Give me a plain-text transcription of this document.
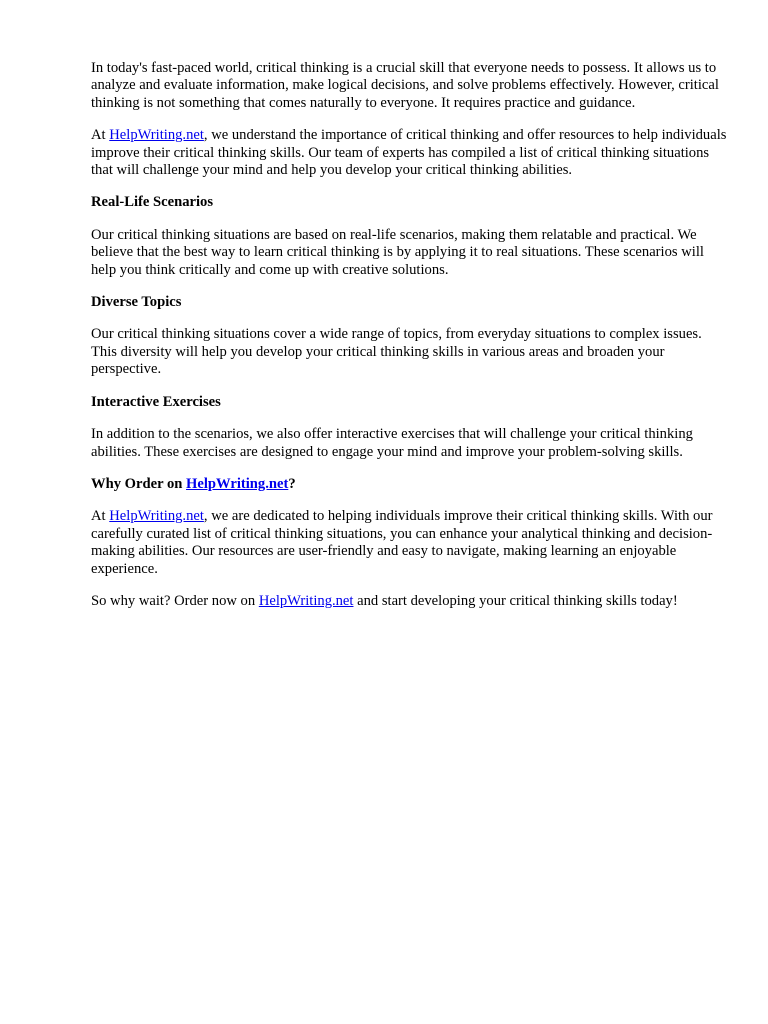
In today's fast-paced world, critical thinking is a crucial skill that everyone needs to possess. It allows us to analyze and evaluate information, make logical decisions, and solve problems effectively. However, critical thinking is not something that comes naturally to everyone. It requires practice and guidance.

At HelpWriting.net, we understand the importance of critical thinking and offer resources to help individuals improve their critical thinking skills. Our team of experts has compiled a list of critical thinking situations that will challenge your mind and help you develop your critical thinking abilities.

Real-Life Scenarios

Our critical thinking situations are based on real-life scenarios, making them relatable and practical. We believe that the best way to learn critical thinking is by applying it to real situations. These scenarios will help you think critically and come up with creative solutions.

Diverse Topics

Our critical thinking situations cover a wide range of topics, from everyday situations to complex issues. This diversity will help you develop your critical thinking skills in various areas and broaden your perspective.

Interactive Exercises

In addition to the scenarios, we also offer interactive exercises that will challenge your critical thinking abilities. These exercises are designed to engage your mind and improve your problem-solving skills.

Why Order on HelpWriting.net?

At HelpWriting.net, we are dedicated to helping individuals improve their critical thinking skills. With our carefully curated list of critical thinking situations, you can enhance your analytical thinking and decision-making abilities. Our resources are user-friendly and easy to navigate, making learning an enjoyable experience.

So why wait? Order now on HelpWriting.net and start developing your critical thinking skills today!
